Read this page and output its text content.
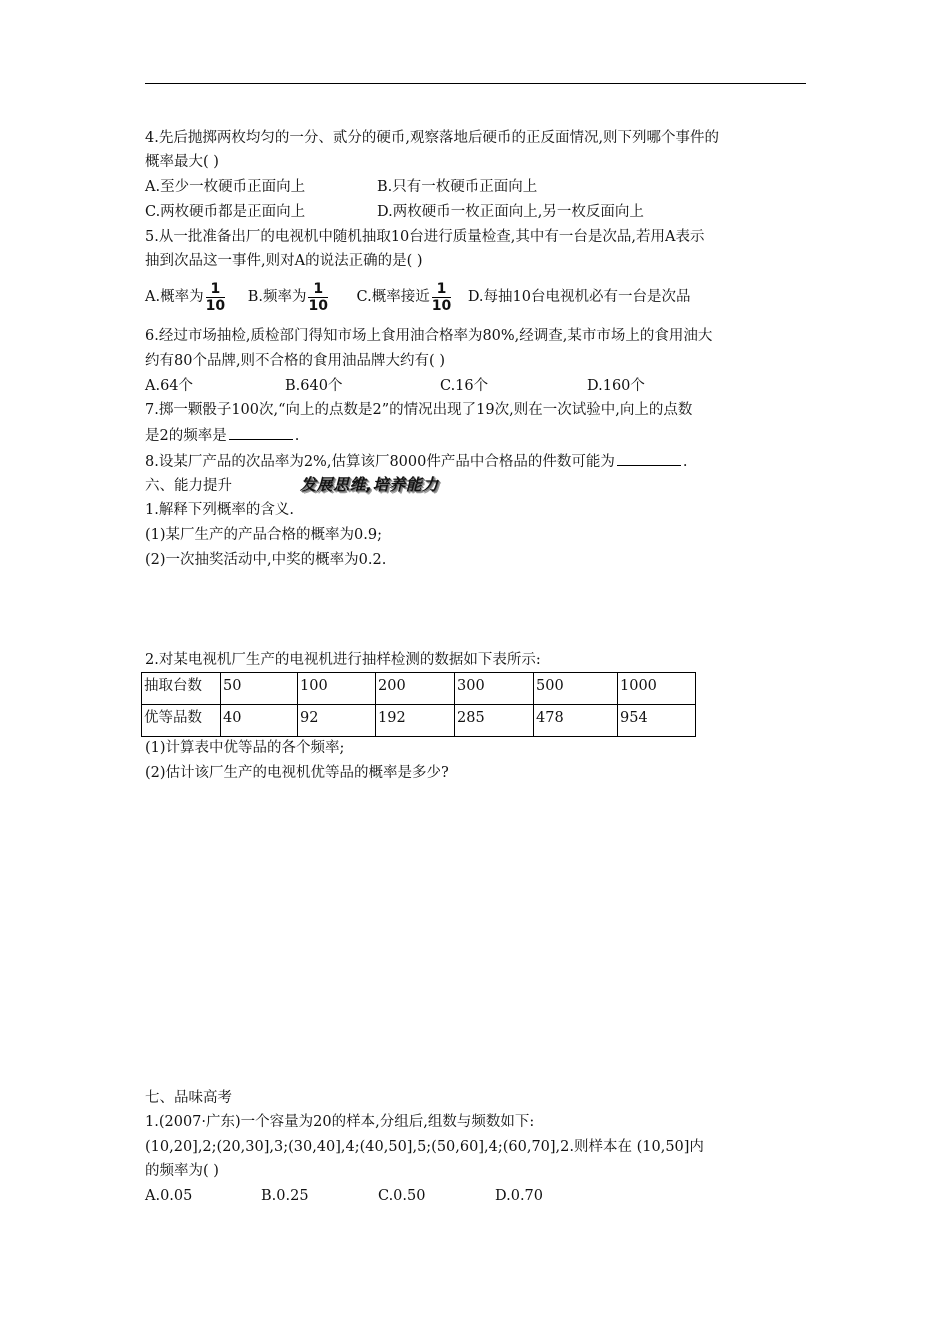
4.先后抛掷两枚均匀的一分、贰分的硬币,观察落地后硬币的正反面情况,则下列哪个事件的
概率最大( )
A.至少一枚硬币正面向上	B.只有一枚硬币正面向上
C.两枚硬币都是正面向上	D.两枚硬币一枚正面向上,另一枚反面向上
5.从一批准备出厂的电视机中随机抽取10台进行质量检查,其中有一台是次品,若用A表示
抽到次品这一事件,则对A的说法正确的是( )
A.概率为 $\frac{1}{10} B$.频率为 $\frac{1}{10} C$.概率接近 $\frac{1}{10} D$.每抽10台电视机必有一台是次品
6.经过市场抽检,质检部门得知市场上食用油合格率为80%,经调查,某市市场上的食用油大
约有80个品牌,则不合格的食用油品牌大约有( )
A.64个	B.640个	C.16个	D.160个
7.掷一颗骰子100次,“向上的点数是2”的情况出现了19次,则在一次试验中,向上的点数
是2的频率是	.
8.设某厂产品的次品率为2%,估算该厂8000件产品中合格品的件数可能为	.
六、能力提升	发展思维,培养能力
1.解释下列概率的含义.
(1)某厂生产的产品合格的概率为0.9;
(2)一次抽奖活动中,中奖的概率为0.2.
2.对某电视机厂生产的电视机进行抽样检测的数据如下表所示:
抽取台数	50	100	200	300	500	1000
优等品数	40	92	192	285	478	954
(1)计算表中优等品的各个频率;
(2)估计该厂生产的电视机优等品的概率是多少?
七、品味高考
1.(2007·广东)一个容量为20的样本,分组后,组数与频数如下:
(10,20],2;(20,30],3;(30,40],4;(40,50],5;(50,60],4;(60,70],2.则样本在 (10,50]内
的频率为( )
A.0.05	B.0.25	C.0.50	D.0.70
